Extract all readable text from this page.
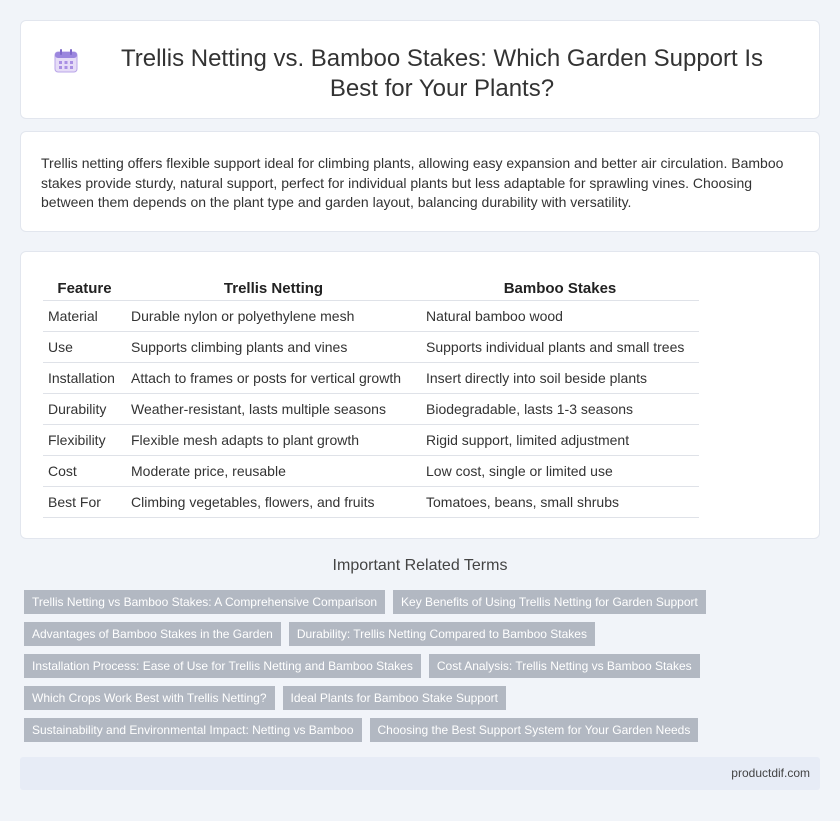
Trellis Netting vs. Bamboo Stakes: Which Garden Support Is Best for Your Plants?

Trellis netting offers flexible support ideal for climbing plants, allowing easy expansion and better air circulation. Bamboo stakes provide sturdy, natural support, perfect for individual plants but less adaptable for sprawling vines. Choosing between them depends on the plant type and garden layout, balancing durability with versatility.

Feature	Trellis Netting	Bamboo Stakes
Material	Durable nylon or polyethylene mesh	Natural bamboo wood
Use	Supports climbing plants and vines	Supports individual plants and small trees
Installation	Attach to frames or posts for vertical growth	Insert directly into soil beside plants
Durability	Weather-resistant, lasts multiple seasons	Biodegradable, lasts 1-3 seasons
Flexibility	Flexible mesh adapts to plant growth	Rigid support, limited adjustment
Cost	Moderate price, reusable	Low cost, single or limited use
Best For	Climbing vegetables, flowers, and fruits	Tomatoes, beans, small shrubs
Important Related Terms
Trellis Netting vs Bamboo Stakes: A Comprehensive Comparison	Key Benefits of Using Trellis Netting for Garden Support
Advantages of Bamboo Stakes in the Garden	Durability: Trellis Netting Compared to Bamboo Stakes
Installation Process: Ease of Use for Trellis Netting and Bamboo Stakes	Cost Analysis: Trellis Netting vs Bamboo Stakes
Which Crops Work Best with Trellis Netting?	Ideal Plants for Bamboo Stake Support
Sustainability and Environmental Impact: Netting vs Bamboo	Choosing the Best Support System for Your Garden Needs
productdif.com
